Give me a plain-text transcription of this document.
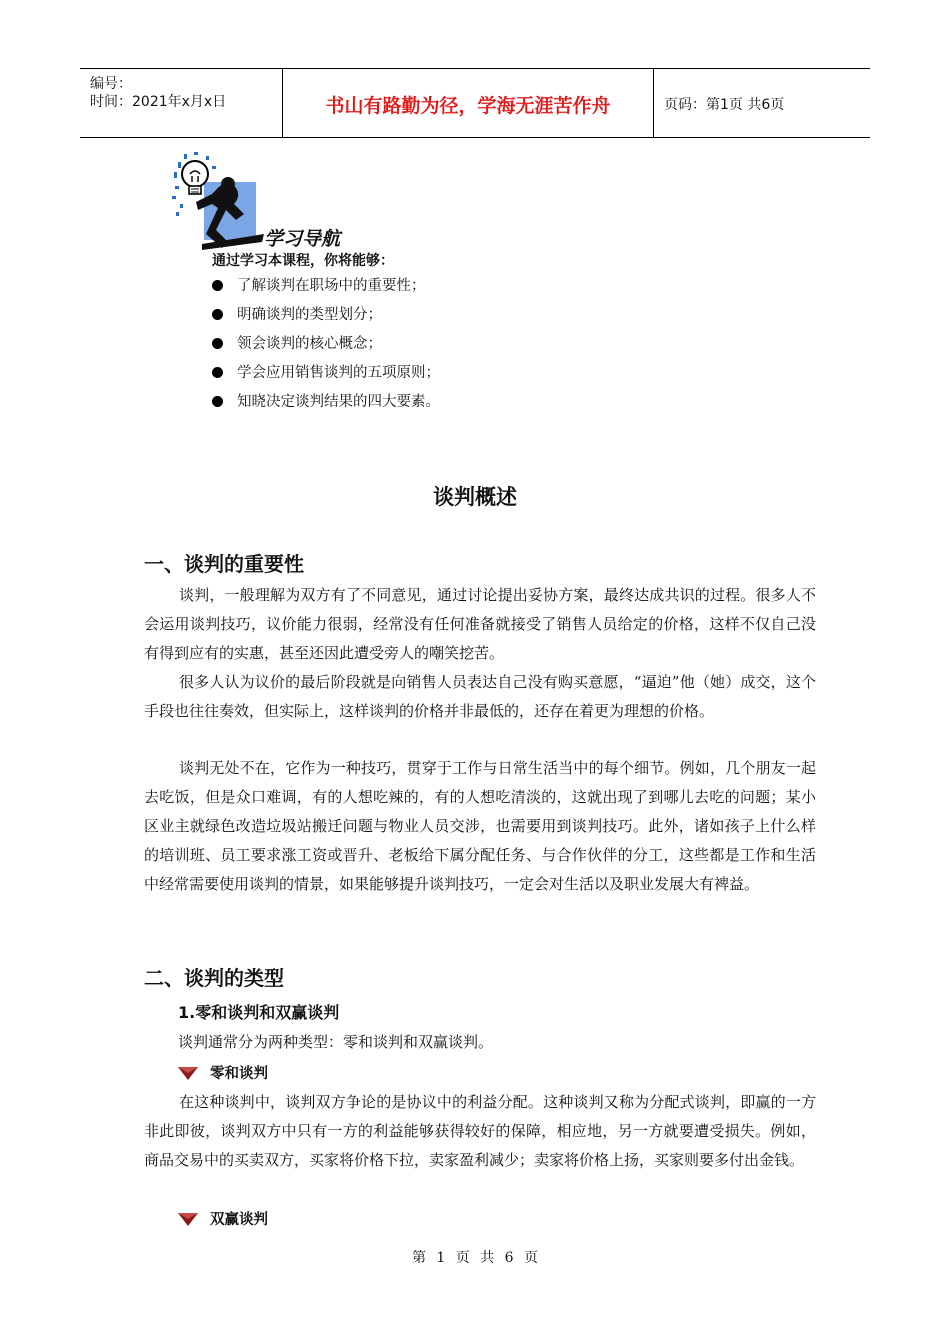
编号：
时间：2021年x月x日	书山有路勤为径，学海无涯苦作舟	页码：第1页 共6页
学习导航
通过学习本课程，你将能够：
了解谈判在职场中的重要性；
明确谈判的类型划分；
领会谈判的核心概念；
学会应用销售谈判的五项原则；
知晓决定谈判结果的四大要素。
谈判概述
一、谈判的重要性

谈判，一般理解为双方有了不同意见，通过讨论提出妥协方案，最终达成共识的过程。很多人不会运用谈判技巧，议价能力很弱，经常没有任何准备就接受了销售人员给定的价格，这样不仅自己没有得到应有的实惠，甚至还因此遭受旁人的嘲笑挖苦。

很多人认为议价的最后阶段就是向销售人员表达自己没有购买意愿，“逼迫”他（她）成交，这个手段也往往奏效，但实际上，这样谈判的价格并非最低的，还存在着更为理想的价格。

谈判无处不在，它作为一种技巧，贯穿于工作与日常生活当中的每个细节。例如，几个朋友一起去吃饭，但是众口难调，有的人想吃辣的，有的人想吃清淡的，这就出现了到哪儿去吃的问题；某小区业主就绿色改造垃圾站搬迁问题与物业人员交涉，也需要用到谈判技巧。此外，诸如孩子上什么样的培训班、员工要求涨工资或晋升、老板给下属分配任务、与合作伙伴的分工，这些都是工作和生活中经常需要使用谈判的情景，如果能够提升谈判技巧，一定会对生活以及职业发展大有裨益。

二、谈判的类型
1.零和谈判和双赢谈判
谈判通常分为两种类型：零和谈判和双赢谈判。
零和谈判

在这种谈判中，谈判双方争论的是协议中的利益分配。这种谈判又称为分配式谈判，即赢的一方非此即彼，谈判双方中只有一方的利益能够获得较好的保障，相应地，另一方就要遭受损失。例如，商品交易中的买卖双方，买家将价格下拉，卖家盈利减少；卖家将价格上扬，买家则要多付出金钱。

双赢谈判
第 1 页 共 6 页
